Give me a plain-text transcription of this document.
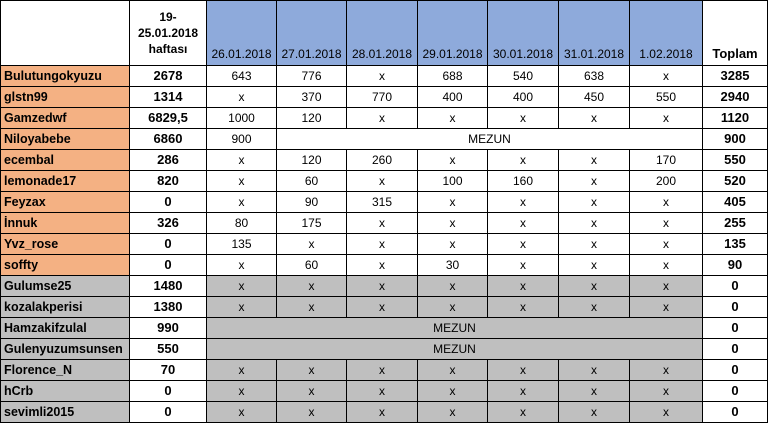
	19-
25.01.2018
haftası	26.01.2018	27.01.2018	28.01.2018	29.01.2018	30.01.2018	31.01.2018	1.02.2018	Toplam
Bulutungokyuzu	2678	643	776	x	688	540	638	x	3285
glstn99	1314	x	370	770	400	400	450	550	2940
Gamzedwf	6829,5	1000	120	x	x	x	x	x	1120
Niloyabebe	6860	900	MEZUN						900
ecembal	286	x	120	260	x	x	x	170	550
lemonade17	820	x	60	x	100	160	x	200	520
Feyzax	0	x	90	315	x	x	x	x	405
İnnuk	326	80	175	x	x	x	x	x	255
Yvz_rose	0	135	x	x	x	x	x	x	135
soffty	0	x	60	x	30	x	x	x	90
Gulumse25	1480	x	x	x	x	x	x	x	0
kozalakperisi	1380	x	x	x	x	x	x	x	0
Hamzakifzulal	990	MEZUN							0
Gulenyuzumsunsen	550	MEZUN							0
Florence_N	70	x	x	x	x	x	x	x	0
hCrb	0	x	x	x	x	x	x	x	0
sevimli2015	0	x	x	x	x	x	x	x	0
